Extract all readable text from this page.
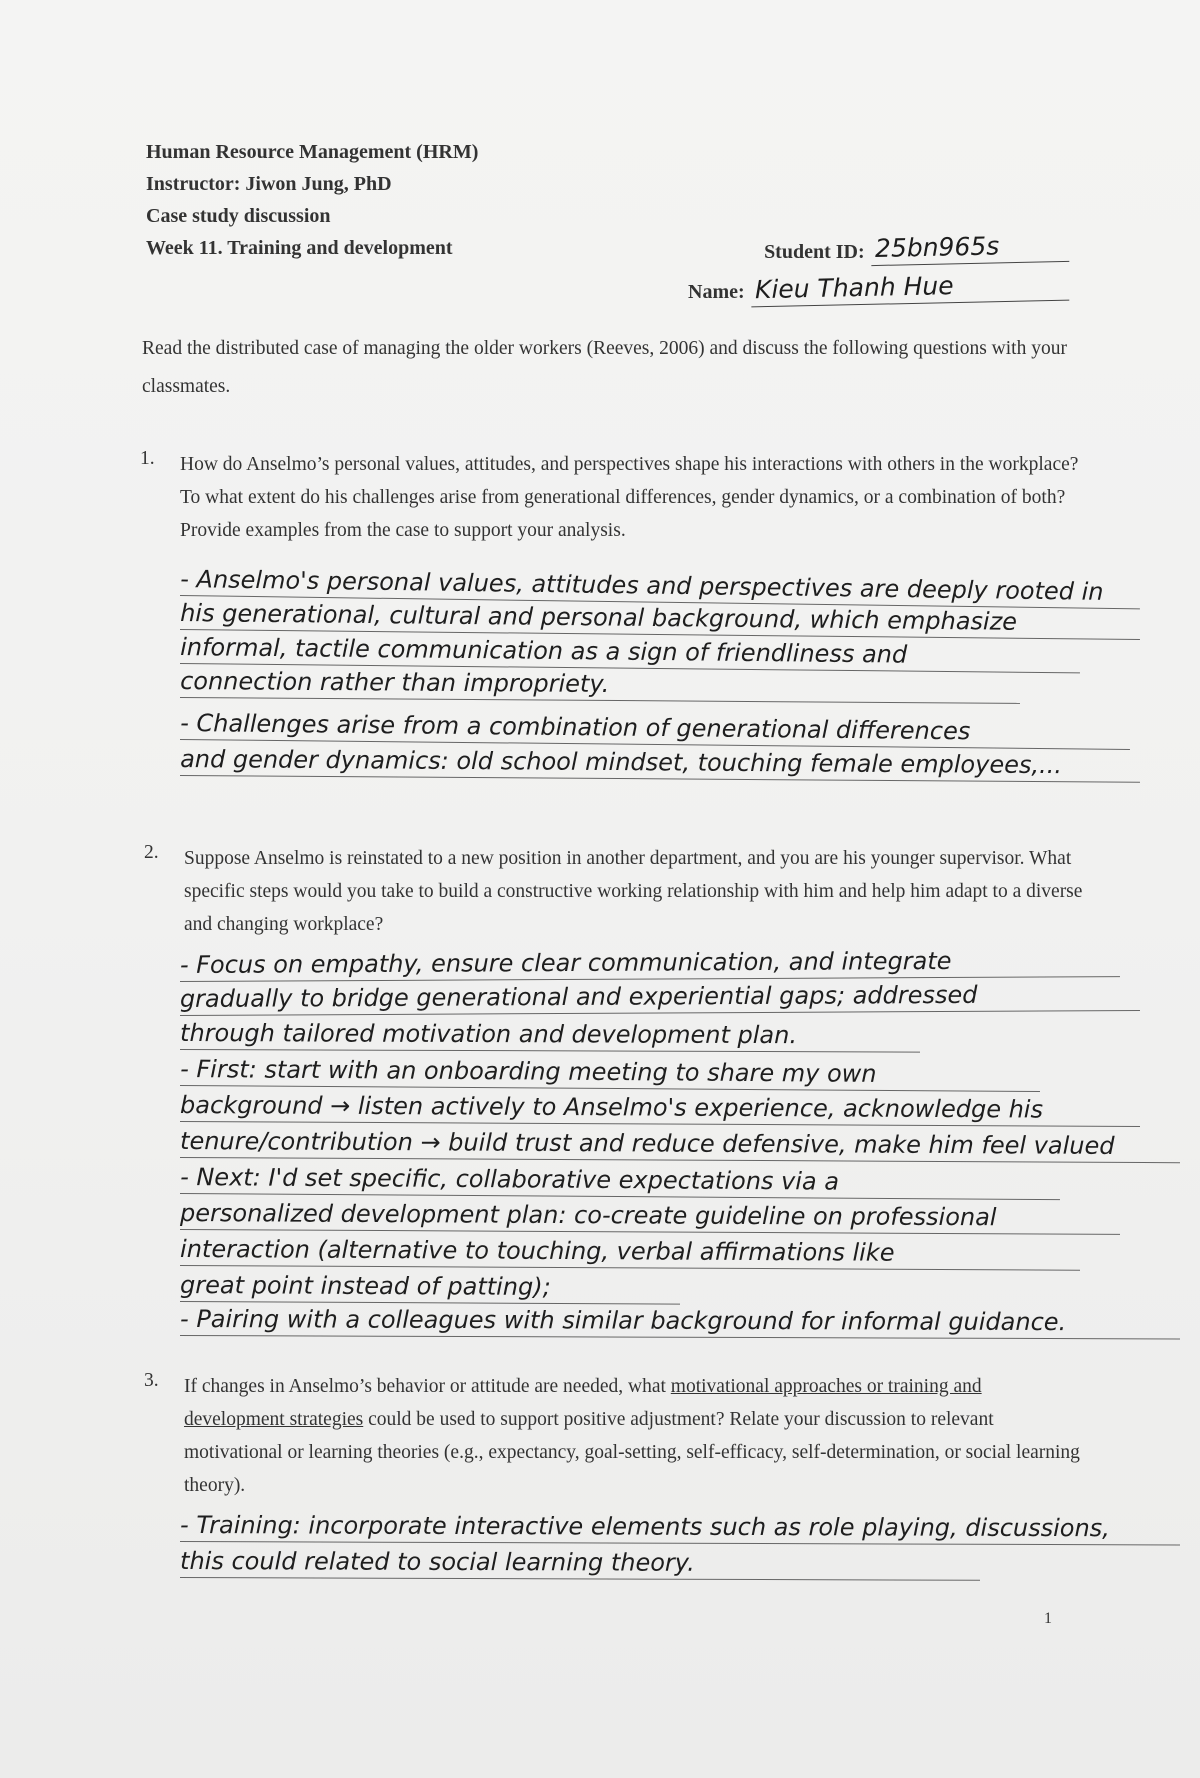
Human Resource Management (HRM)
Instructor: Jiwon Jung, PhD
Case study discussion
Week 11. Training and development	Student ID: 25bn965s
Name: Kieu Thanh Hue
Read the distributed case of managing the older workers (Reeves, 2006) and discuss the following questions with your classmates.
1. How do Anselmo’s personal values, attitudes, and perspectives shape his interactions with others in the workplace? To what extent do his challenges arise from generational differences, gender dynamics, or a combination of both? Provide examples from the case to support your analysis.
- Anselmo's personal values, attitudes and perspectives are deeply rooted in
his generational, cultural and personal background, which emphasize
informal, tactile communication as a sign of friendliness and
connection rather than impropriety.
- Challenges arise from a combination of generational differences
and gender dynamics: old school mindset, touching female employees,...
2. Suppose Anselmo is reinstated to a new position in another department, and you are his younger supervisor. What specific steps would you take to build a constructive working relationship with him and help him adapt to a diverse and changing workplace?
- Focus on empathy, ensure clear communication, and integrate
gradually to bridge generational and experiential gaps; addressed
through tailored motivation and development plan.
- First: start with an onboarding meeting to share my own
background → listen actively to Anselmo's experience, acknowledge his
tenure/contribution → build trust and reduce defensive, make him feel valued
- Next: I'd set specific, collaborative expectations via a
personalized development plan: co-create guideline on professional
interaction (alternative to touching, verbal affirmations like
great point instead of patting);
- Pairing with a colleagues with similar background for informal guidance.
3. If changes in Anselmo’s behavior or attitude are needed, what motivational approaches or training and development strategies could be used to support positive adjustment? Relate your discussion to relevant motivational or learning theories (e.g., expectancy, goal-setting, self-efficacy, self-determination, or social learning theory).
- Training: incorporate interactive elements such as role playing, discussions,
this could related to social learning theory.
1
